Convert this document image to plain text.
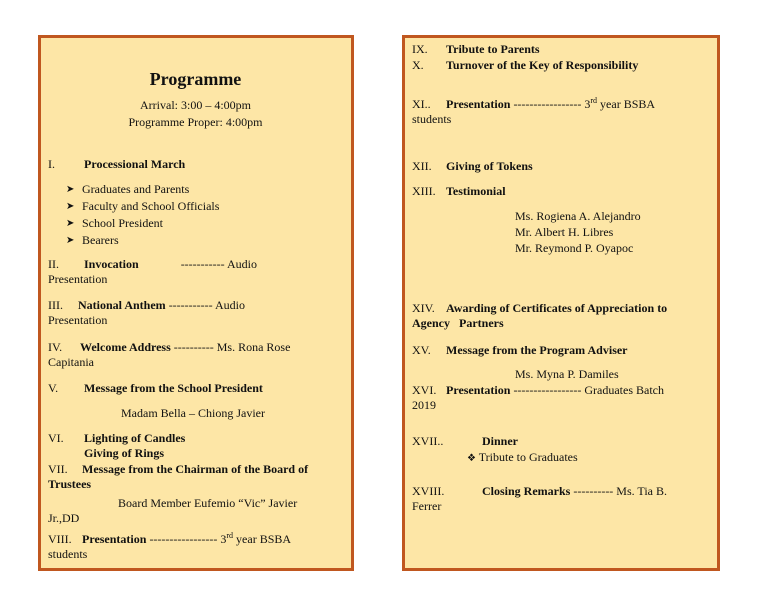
Programme
Arrival: 3:00 – 4:00pm
Programme Proper: 4:00pm
I. Processional March
➤ Graduates and Parents
➤ Faculty and School Officials
➤ School President
➤ Bearers
II. Invocation	----------- Audio
Presentation
III. National Anthem ----------- Audio
Presentation
IV. Welcome Address ---------- Ms. Rona Rose
Capitania
V. Message from the School President
Madam Bella – Chiong Javier
VI. Lighting of Candles
Giving of Rings
VII. Message from the Chairman of the Board of
Trustees
Board Member Eufemio “Vic” Javier
Jr.,DD
VIII. Presentation ----------------- 3rd year BSBA
students
IX. Tribute to Parents
X. Turnover of the Key of Responsibility
XI.. Presentation ----------------- 3rd year BSBA
students
XII. Giving of Tokens
XIII. Testimonial
Ms. Rogiena A. Alejandro
Mr. Albert H. Libres
Mr. Reymond P. Oyapoc
XIV. Awarding of Certificates of Appreciation to
Agency   Partners
XV. Message from the Program Adviser
Ms. Myna P. Damiles
XVI. Presentation ----------------- Graduates Batch
2019
XVII..	Dinner
❖ Tribute to Graduates
XVIII.	Closing Remarks ---------- Ms. Tia B.
Ferrer
